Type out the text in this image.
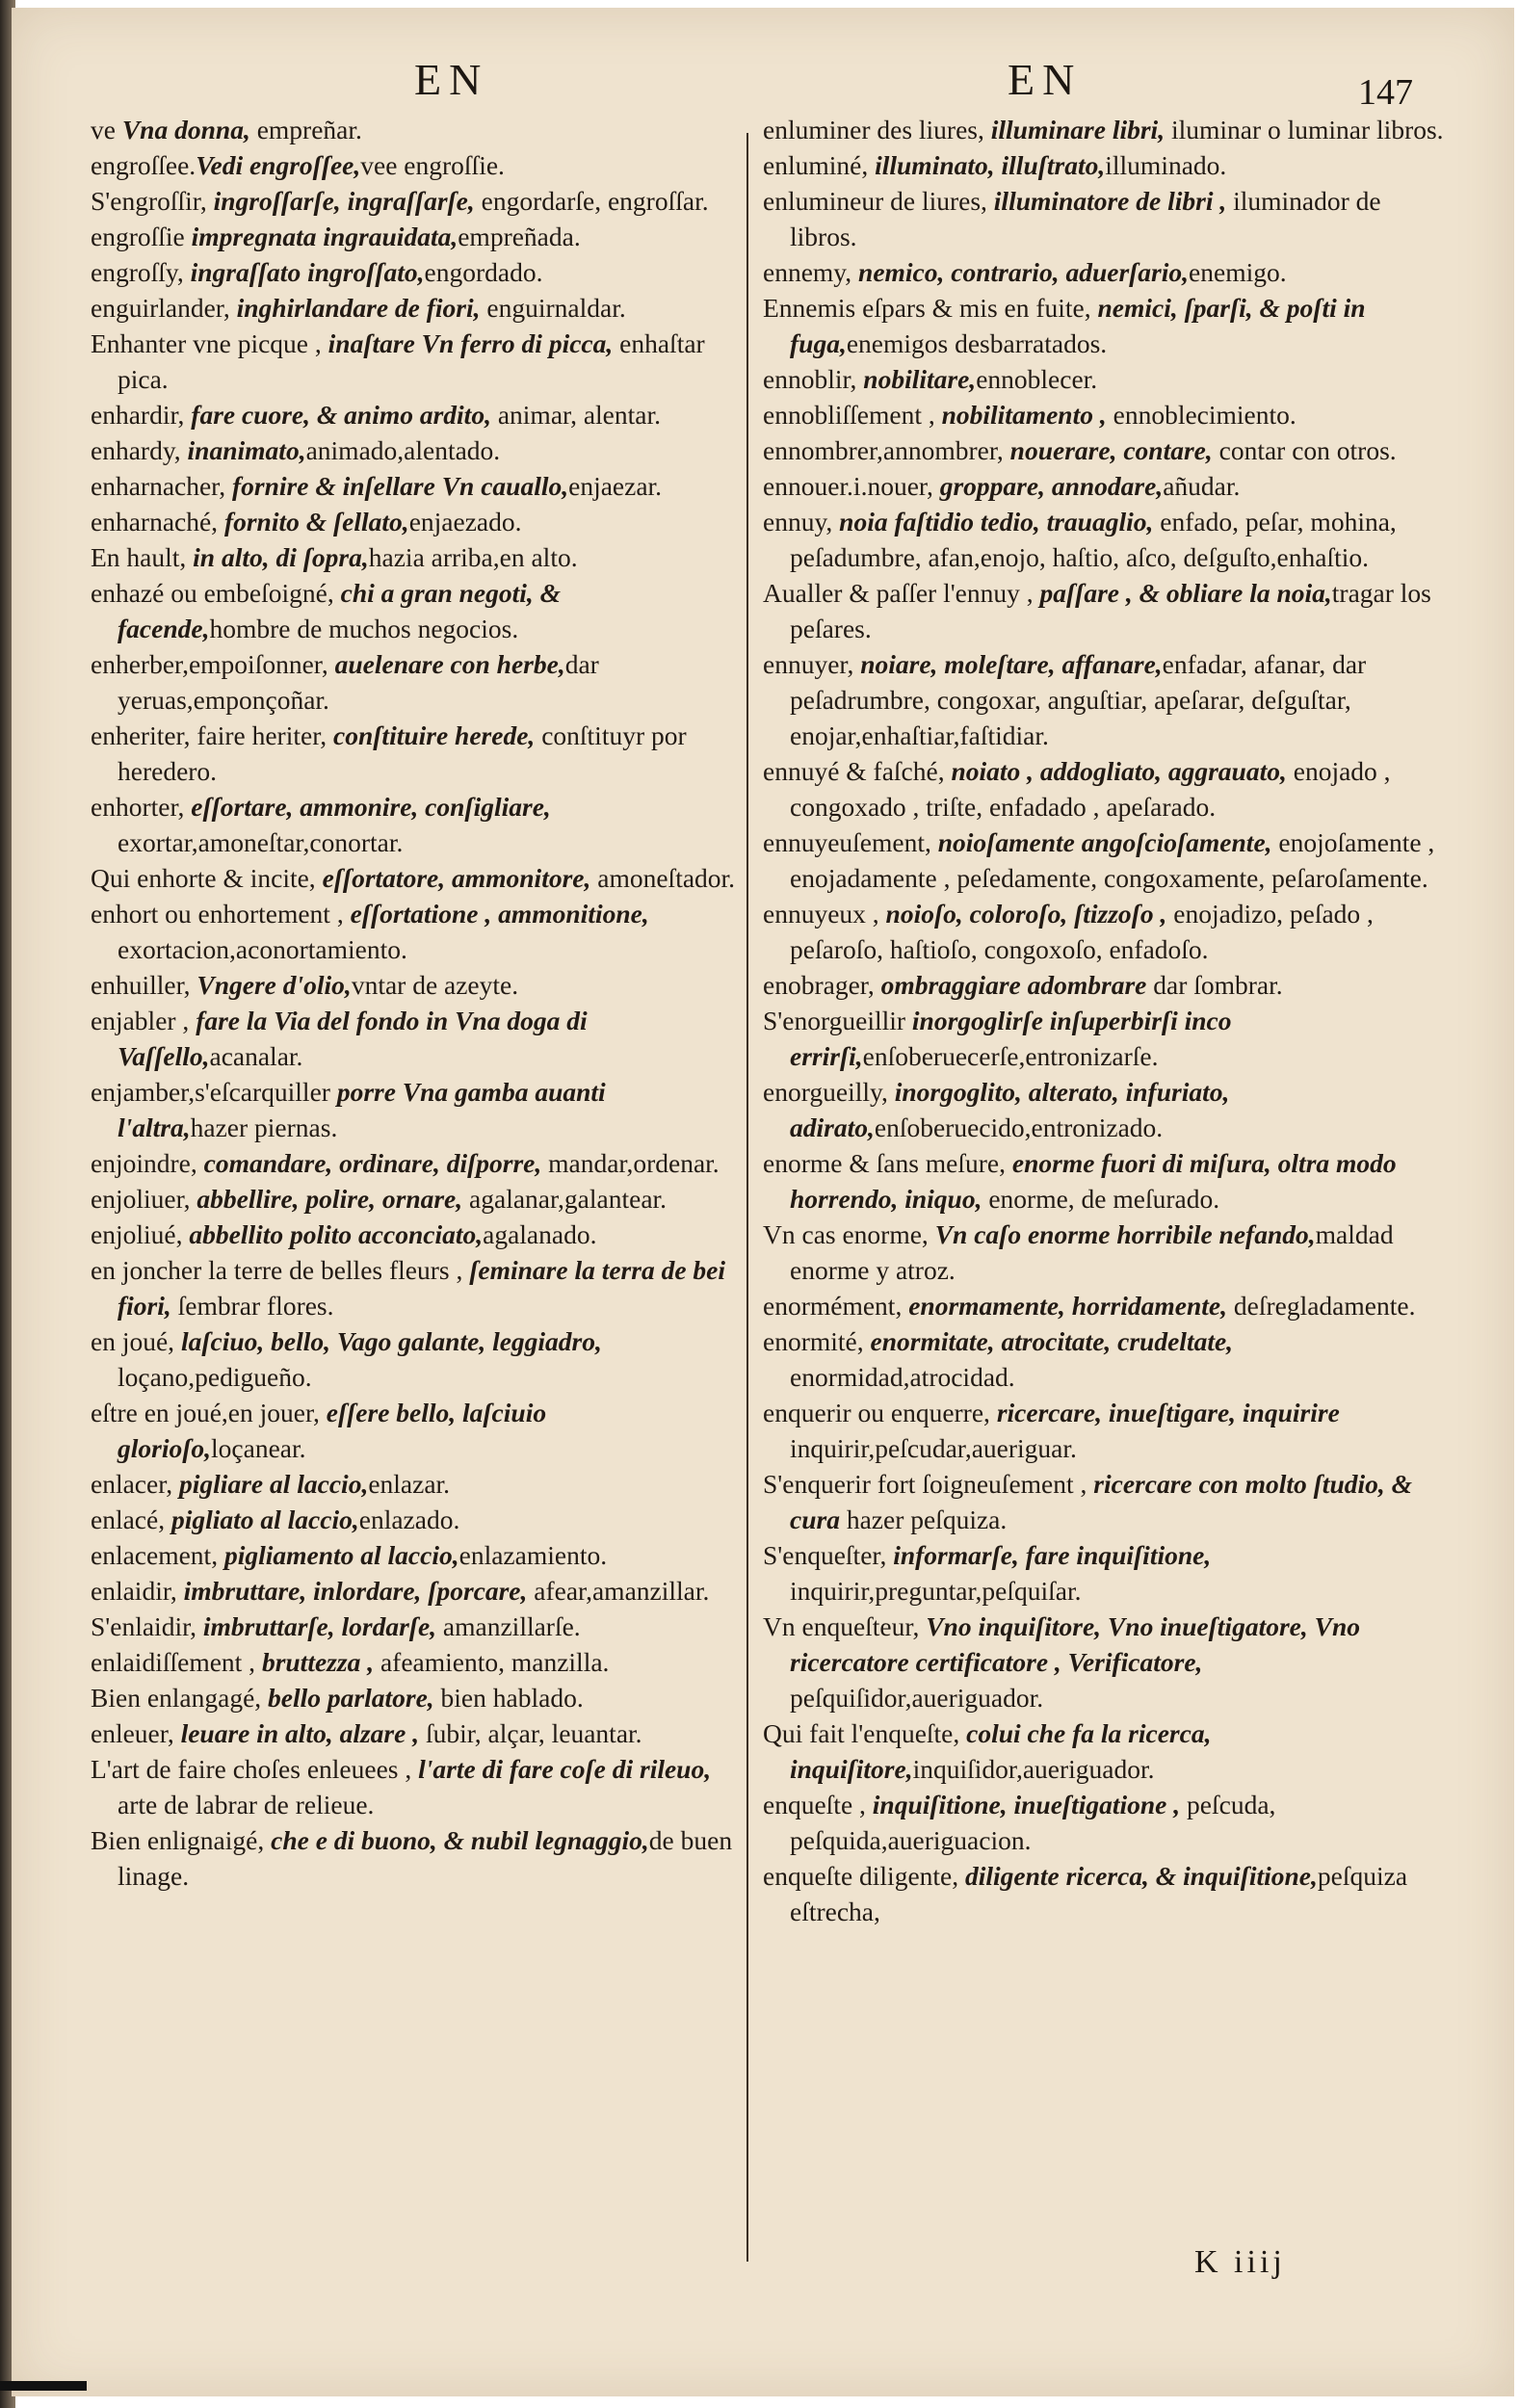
EN	EN	147

ve Vna donna, empreñar.

engroſſee.Vedi engroſſee,vee engroſſie.

S'engroſſir, ingroſſarſe, ingraſſarſe, engordarſe, engroſſar.

engroſſie impregnata ingrauidata,empreñada.

engroſſy, ingraſſato ingroſſato,engordado.

enguirlander, inghirlandare de fiori, enguirnaldar.

Enhanter vne picque , inaſtare Vn ferro di picca, enhaſtar pica.

enhardir, fare cuore, & animo ardito, animar, alentar.

enhardy, inanimato,animado,alentado.

enharnacher, fornire & inſellare Vn cauallo,enjaezar.

enharnaché, fornito & ſellato,enjaezado.

En hault, in alto, di ſopra,hazia arriba,en alto.

enhazé ou embeſoigné, chi a gran negoti, & facende,hombre de muchos negocios.

enherber,empoiſonner, auelenare con herbe,dar yeruas,emponçoñar.

enheriter, faire heriter, conſtituire herede, conſtituyr por heredero.

enhorter, eſſortare, ammonire, conſigliare, exortar,amoneſtar,conortar.

Qui enhorte & incite, eſſortatore, ammonitore, amoneſtador.

enhort ou enhortement , eſſortatione , ammonitione, exortacion,aconortamiento.

enhuiller, Vngere d'olio,vntar de azeyte.

enjabler , fare la Via del fondo in Vna doga di Vaſſello,acanalar.

enjamber,s'eſcarquiller porre Vna gamba auanti l'altra,hazer piernas.

enjoindre, comandare, ordinare, diſporre, mandar,ordenar.

enjoliuer, abbellire, polire, ornare, agalanar,galantear.

enjoliué, abbellito polito acconciato,agalanado.

en joncher la terre de belles fleurs , ſeminare la terra de bei fiori, ſembrar flores.

en joué, laſciuo, bello, Vago galante, leggiadro, loçano,pedigueño.

eſtre en joué,en jouer, eſſere bello, laſciuio glorioſo,loçanear.

enlacer, pigliare al laccio,enlazar.

enlacé, pigliato al laccio,enlazado.

enlacement, pigliamento al laccio,enlazamiento.

enlaidir, imbruttare, inlordare, ſporcare, afear,amanzillar.

S'enlaidir, imbruttarſe, lordarſe, amanzillarſe.

enlaidiſſement , bruttezza , afeamiento, manzilla.

Bien enlangagé, bello parlatore, bien hablado.

enleuer, leuare in alto, alzare , ſubir, alçar, leuantar.

L'art de faire choſes enleuees , l'arte di fare coſe di rileuo, arte de labrar de relieue.

Bien enlignaigé, che e di buono, & nubil legnaggio,de buen linage.

enluminer des liures, illuminare libri, iluminar o luminar libros.

enluminé, illuminato, illuſtrato,illuminado.

enlumineur de liures, illuminatore de libri , iluminador de libros.

ennemy, nemico, contrario, aduerſario,enemigo.

Ennemis eſpars & mis en fuite, nemici, ſparſi, & poſti in fuga,enemigos desbarratados.

ennoblir, nobilitare,ennoblecer.

ennobliſſement , nobilitamento , ennoblecimiento.

ennombrer,annombrer, nouerare, contare, contar con otros.

ennouer.i.nouer, groppare, annodare,añudar.

ennuy, noia faſtidio tedio, trauaglio, enfado, peſar, mohina, peſadumbre, afan,enojo, haſtio, aſco, deſguſto,enhaſtio.

Aualler & paſſer l'ennuy , paſſare , & obliare la noia,tragar los peſares.

ennuyer, noiare, moleſtare, affanare,enfadar, afanar, dar peſadrumbre, congoxar, anguſtiar, apeſarar, deſguſtar, enojar,enhaſtiar,faſtidiar.

ennuyé & faſché, noiato , addogliato, aggrauato, enojado , congoxado , triſte, enfadado , apeſarado.

ennuyeuſement, noioſamente angoſcioſamente, enojoſamente , enojadamente , peſedamente, congoxamente, peſaroſamente.

ennuyeux , noioſo, coloroſo, ſtizzoſo , enojadizo, peſado , peſaroſo, haſtioſo, congoxoſo, enfadoſo.

enobrager, ombraggiare adombrare dar ſombrar.

S'enorgueillir inorgoglirſe inſuperbirſi inco errirſi,enſoberuecerſe,entronizarſe.

enorgueilly, inorgoglito, alterato, infuriato, adirato,enſoberuecido,entronizado.

enorme & ſans meſure, enorme fuori di miſura, oltra modo horrendo, iniquo, enorme, de meſurado.

Vn cas enorme, Vn caſo enorme horribile nefando,maldad enorme y atroz.

enormément, enormamente, horridamente, deſregladamente.

enormité, enormitate, atrocitate, crudeltate, enormidad,atrocidad.

enquerir ou enquerre, ricercare, inueſtigare, inquirire inquirir,peſcudar,aueriguar.

S'enquerir fort ſoigneuſement , ricercare con molto ſtudio, & cura hazer peſquiza.

S'enqueſter, informarſe, fare inquiſitione, inquirir,preguntar,peſquiſar.

Vn enqueſteur, Vno inquiſitore, Vno inueſtigatore, Vno ricercatore certificatore , Verificatore, peſquiſidor,aueriguador.

Qui fait l'enqueſte, colui che fa la ricerca, inquiſitore,inquiſidor,aueriguador.

enqueſte , inquiſitione, inueſtigatione , peſcuda, peſquida,aueriguacion.

enqueſte diligente, diligente ricerca, & inquiſitione,peſquiza eſtrecha,

K iiij
